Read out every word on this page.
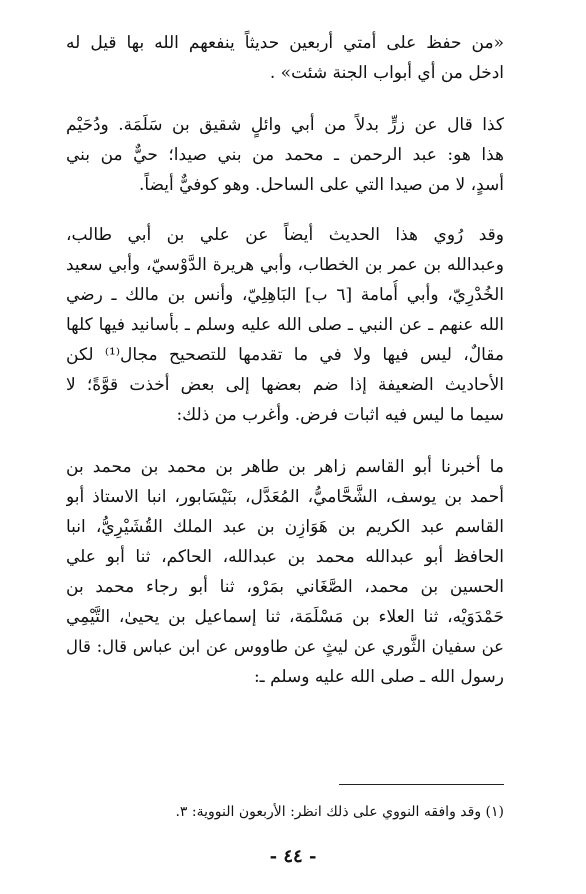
«من حفظ على أمتي أربعين حديثاً ينفعهم الله بها قيل له
ادخل من أي أبواب الجنة شئت» .
كذا قال عن زرٍّ بدلاً من أبي وائلٍ شقيق بن سَلَمَة. ودُحَيْم
هذا هو: عبد الرحمن ـ محمد من بني صيدا؛ حيٌّ من بني
أسدٍ، لا من صيدا التي على الساحل. وهو كوفيٌّ أيضاً.
وقد رُوي هذا الحديث أيضاً عن علي بن أبي طالب،
وعبدالله بن عمر بن الخطاب، وأبي هريرة الدَّوْسيّ، وأبي سعيد
الخُدْرِيّ، وأبي أُمامة [٦ ب] البَاهِلِيّ، وأنس بن مالك ـ رضي
الله عنهم ـ عن النبي ـ صلى الله عليه وسلم ـ بأسانيد فيها كلها
مقالٌ، ليس فيها ولا في ما تقدمها للتصحيح مجال⁽¹⁾ لكن
الأحاديث الضعيفة إذا ضم بعضها إلى بعض أخذت قوَّةً؛ لا
سيما ما ليس فيه اثبات فرض. وأغرب من ذلك:
ما أخبرنا أبو القاسم زاهر بن طاهر بن محمد بن محمد بن
أحمد بن يوسف، الشَّحَّاميُّ، المُعَدَّل، بنَيْسَابور، انبا الاستاذ أبو
القاسم عبد الكريم بن هَوَازِن بن عبد الملك القُشَيْرِيُّ، انبا
الحافظ أبو عبدالله محمد بن عبدالله، الحاكم، ثنا أبو علي
الحسين بن محمد، الصَّغَاني بمَرْو، ثنا أبو رجاء محمد بن
حَمْدَوَيْه، ثنا العلاء بن مَسْلَمَة، ثنا إسماعيل بن يحيىٰ، التَّيْمِي
عن سفيان الثَّوري عن ليثٍ عن طاووس عن ابن عباس قال: قال
رسول الله ـ صلى الله عليه وسلم ـ:
(١) وقد وافقه النووي على ذلك انظر: الأربعون النووية: ٣.
- ٤٤ -
